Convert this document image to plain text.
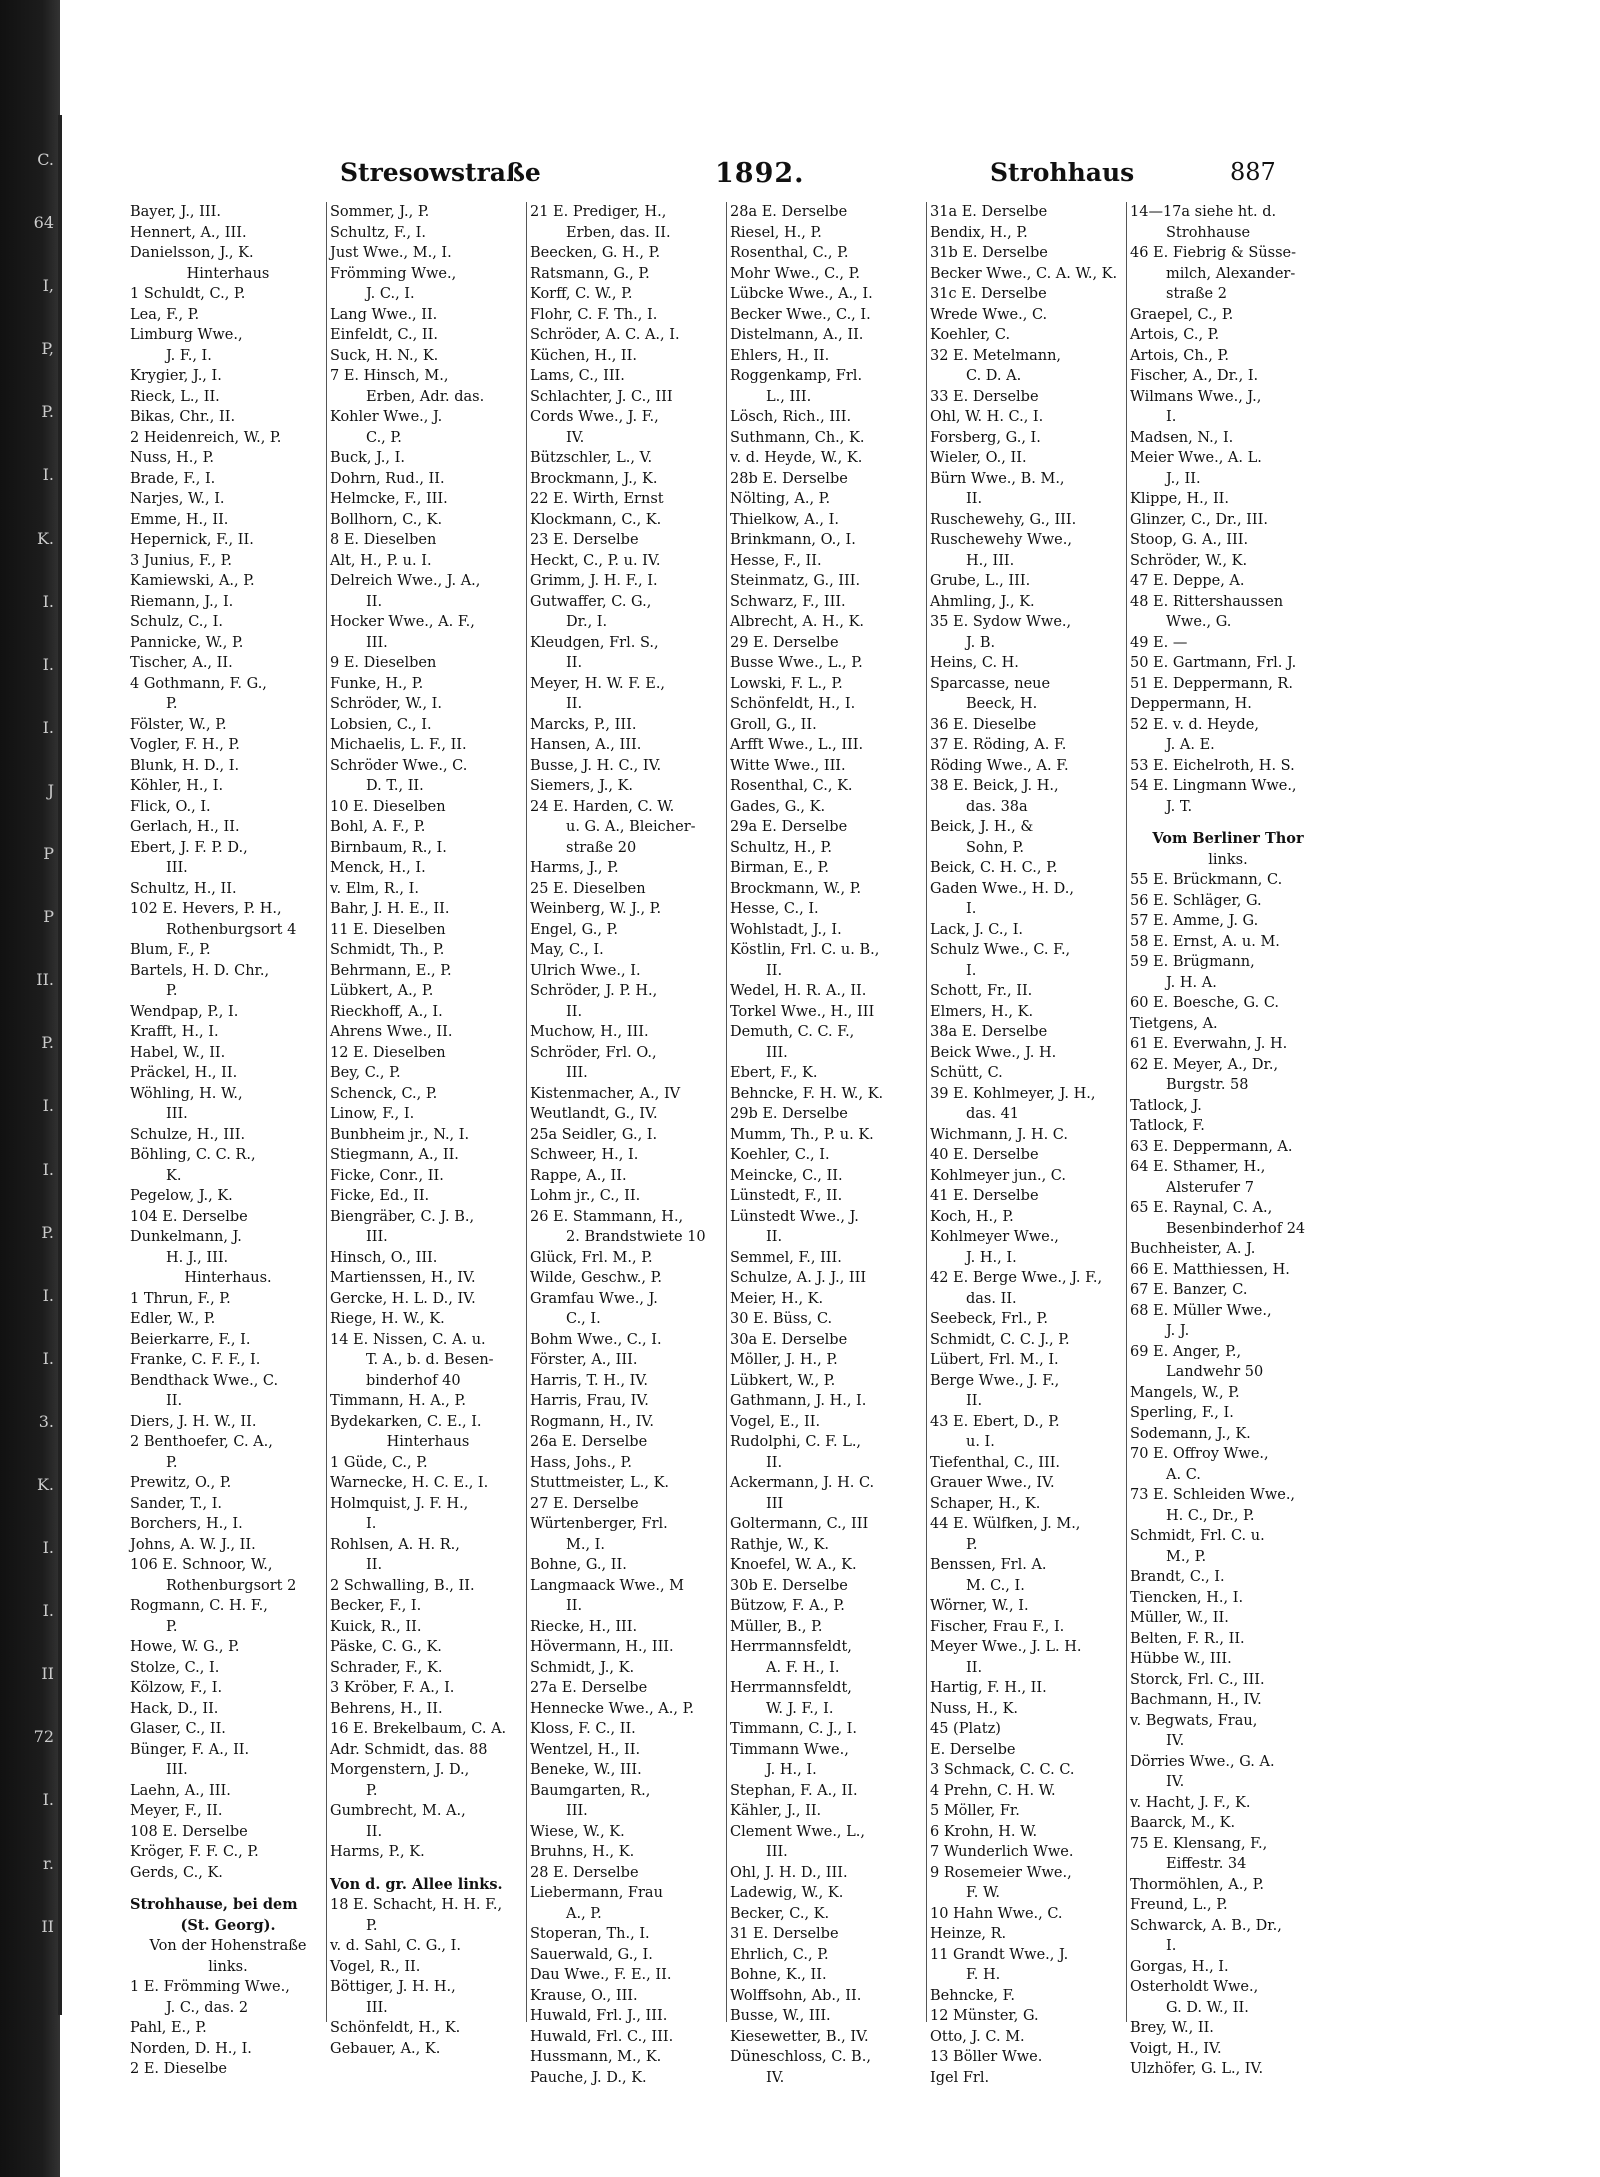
C.
64
I,
P,
P.
I.
K.
I.
I.
I.
J
P
P
II.
P.
I.
I.
P.
I.
I.
3.
K.
I.
I.
II
72
I.
r.
II
Stresowstraße	1892.	Strohhaus	887
Bayer, J., III.
Hennert, A., III.
Danielsson, J., K.
Hinterhaus
1 Schuldt, C., P.
Lea, F., P.
Limburg Wwe.,
J. F., I.
Krygier, J., I.
Rieck, L., II.
Bikas, Chr., II.
2 Heidenreich, W., P.
Nuss, H., P.
Brade, F., I.
Narjes, W., I.
Emme, H., II.
Hepernick, F., II.
3 Junius, F., P.
Kamiewski, A., P.
Riemann, J., I.
Schulz, C., I.
Pannicke, W., P.
Tischer, A., II.
4 Gothmann, F. G.,
P.
Fölster, W., P.
Vogler, F. H., P.
Blunk, H. D., I.
Köhler, H., I.
Flick, O., I.
Gerlach, H., II.
Ebert, J. F. P. D.,
III.
Schultz, H., II.
102 E. Hevers, P. H.,
Rothenburgsort 4
Blum, F., P.
Bartels, H. D. Chr.,
P.
Wendpap, P., I.
Krafft, H., I.
Habel, W., II.
Präckel, H., II.
Wöhling, H. W.,
III.
Schulze, H., III.
Böhling, C. C. R.,
K.
Pegelow, J., K.
104 E. Derselbe
Dunkelmann, J.
H. J., III.
Hinterhaus.
1 Thrun, F., P.
Edler, W., P.
Beierkarre, F., I.
Franke, C. F. F., I.
Bendthack Wwe., C.
II.
Diers, J. H. W., II.
2 Benthoefer, C. A.,
P.
Prewitz, O., P.
Sander, T., I.
Borchers, H., I.
Johns, A. W. J., II.
106 E. Schnoor, W.,
Rothenburgsort 2
Rogmann, C. H. F.,
P.
Howe, W. G., P.
Stolze, C., I.
Kölzow, F., I.
Hack, D., II.
Glaser, C., II.
Bünger, F. A., II.
III.
Laehn, A., III.
Meyer, F., II.
108 E. Derselbe
Kröger, F. F. C., P.
Gerds, C., K.
Strohhause, bei dem
(St. Georg).
Von der Hohenstraße
links.
1 E. Frömming Wwe.,
J. C., das. 2
Pahl, E., P.
Norden, D. H., I.
2 E. Dieselbe
Sommer, J., P.
Schultz, F., I.
Just Wwe., M., I.
Frömming Wwe.,
J. C., I.
Lang Wwe., II.
Einfeldt, C., II.
Suck, H. N., K.
7 E. Hinsch, M.,
Erben, Adr. das.
Kohler Wwe., J.
C., P.
Buck, J., I.
Dohrn, Rud., II.
Helmcke, F., III.
Bollhorn, C., K.
8 E. Dieselben
Alt, H., P. u. I.
Delreich Wwe., J. A.,
II.
Hocker Wwe., A. F.,
III.
9 E. Dieselben
Funke, H., P.
Schröder, W., I.
Lobsien, C., I.
Michaelis, L. F., II.
Schröder Wwe., C.
D. T., II.
10 E. Dieselben
Bohl, A. F., P.
Birnbaum, R., I.
Menck, H., I.
v. Elm, R., I.
Bahr, J. H. E., II.
11 E. Dieselben
Schmidt, Th., P.
Behrmann, E., P.
Lübkert, A., P.
Rieckhoff, A., I.
Ahrens Wwe., II.
12 E. Dieselben
Bey, C., P.
Schenck, C., P.
Linow, F., I.
Bunbheim jr., N., I.
Stiegmann, A., II.
Ficke, Conr., II.
Ficke, Ed., II.
Biengräber, C. J. B.,
III.
Hinsch, O., III.
Martienssen, H., IV.
Gercke, H. L. D., IV.
Riege, H. W., K.
14 E. Nissen, C. A. u.
T. A., b. d. Besen-
binderhof 40
Timmann, H. A., P.
Bydekarken, C. E., I.
Hinterhaus
1 Güde, C., P.
Warnecke, H. C. E., I.
Holmquist, J. F. H.,
I.
Rohlsen, A. H. R.,
II.
2 Schwalling, B., II.
Becker, F., I.
Kuick, R., II.
Päske, C. G., K.
Schrader, F., K.
3 Kröber, F. A., I.
Behrens, H., II.
16 E. Brekelbaum, C. A.
Adr. Schmidt, das. 88
Morgenstern, J. D.,
P.
Gumbrecht, M. A.,
II.
Harms, P., K.
Von d. gr. Allee links.
18 E. Schacht, H. H. F.,
P.
v. d. Sahl, C. G., I.
Vogel, R., II.
Böttiger, J. H. H.,
III.
Schönfeldt, H., K.
Gebauer, A., K.
21 E. Prediger, H.,
Erben, das. II.
Beecken, G. H., P.
Ratsmann, G., P.
Korff, C. W., P.
Flohr, C. F. Th., I.
Schröder, A. C. A., I.
Küchen, H., II.
Lams, C., III.
Schlachter, J. C., III
Cords Wwe., J. F.,
IV.
Bützschler, L., V.
Brockmann, J., K.
22 E. Wirth, Ernst
Klockmann, C., K.
23 E. Derselbe
Heckt, C., P. u. IV.
Grimm, J. H. F., I.
Gutwaffer, C. G.,
Dr., I.
Kleudgen, Frl. S.,
II.
Meyer, H. W. F. E.,
II.
Marcks, P., III.
Hansen, A., III.
Busse, J. H. C., IV.
Siemers, J., K.
24 E. Harden, C. W.
u. G. A., Bleicher-
straße 20
Harms, J., P.
25 E. Dieselben
Weinberg, W. J., P.
Engel, G., P.
May, C., I.
Ulrich Wwe., I.
Schröder, J. P. H.,
II.
Muchow, H., III.
Schröder, Frl. O.,
III.
Kistenmacher, A., IV
Weutlandt, G., IV.
25a Seidler, G., I.
Schweer, H., I.
Rappe, A., II.
Lohm jr., C., II.
26 E. Stammann, H.,
2. Brandstwiete 10
Glück, Frl. M., P.
Wilde, Geschw., P.
Gramfau Wwe., J.
C., I.
Bohm Wwe., C., I.
Förster, A., III.
Harris, T. H., IV.
Harris, Frau, IV.
Rogmann, H., IV.
26a E. Derselbe
Hass, Johs., P.
Stuttmeister, L., K.
27 E. Derselbe
Würtenberger, Frl.
M., I.
Bohne, G., II.
Langmaack Wwe., M
II.
Riecke, H., III.
Hövermann, H., III.
Schmidt, J., K.
27a E. Derselbe
Hennecke Wwe., A., P.
Kloss, F. C., II.
Wentzel, H., II.
Beneke, W., III.
Baumgarten, R.,
III.
Wiese, W., K.
Bruhns, H., K.
28 E. Derselbe
Liebermann, Frau
A., P.
Stoperan, Th., I.
Sauerwald, G., I.
Dau Wwe., F. E., II.
Krause, O., III.
Huwald, Frl. J., III.
Huwald, Frl. C., III.
Hussmann, M., K.
Pauche, J. D., K.
28a E. Derselbe
Riesel, H., P.
Rosenthal, C., P.
Mohr Wwe., C., P.
Lübcke Wwe., A., I.
Becker Wwe., C., I.
Distelmann, A., II.
Ehlers, H., II.
Roggenkamp, Frl.
L., III.
Lösch, Rich., III.
Suthmann, Ch., K.
v. d. Heyde, W., K.
28b E. Derselbe
Nölting, A., P.
Thielkow, A., I.
Brinkmann, O., I.
Hesse, F., II.
Steinmatz, G., III.
Schwarz, F., III.
Albrecht, A. H., K.
29 E. Derselbe
Busse Wwe., L., P.
Lowski, F. L., P.
Schönfeldt, H., I.
Groll, G., II.
Arfft Wwe., L., III.
Witte Wwe., III.
Rosenthal, C., K.
Gades, G., K.
29a E. Derselbe
Schultz, H., P.
Birman, E., P.
Brockmann, W., P.
Hesse, C., I.
Wohlstadt, J., I.
Köstlin, Frl. C. u. B.,
II.
Wedel, H. R. A., II.
Torkel Wwe., H., III
Demuth, C. C. F.,
III.
Ebert, F., K.
Behncke, F. H. W., K.
29b E. Derselbe
Mumm, Th., P. u. K.
Koehler, C., I.
Meincke, C., II.
Lünstedt, F., II.
Lünstedt Wwe., J.
II.
Semmel, F., III.
Schulze, A. J. J., III
Meier, H., K.
30 E. Büss, C.
30a E. Derselbe
Möller, J. H., P.
Lübkert, W., P.
Gathmann, J. H., I.
Vogel, E., II.
Rudolphi, C. F. L.,
II.
Ackermann, J. H. C.
III
Goltermann, C., III
Rathje, W., K.
Knoefel, W. A., K.
30b E. Derselbe
Bützow, F. A., P.
Müller, B., P.
Herrmannsfeldt,
A. F. H., I.
Herrmannsfeldt,
W. J. F., I.
Timmann, C. J., I.
Timmann Wwe.,
J. H., I.
Stephan, F. A., II.
Kähler, J., II.
Clement Wwe., L.,
III.
Ohl, J. H. D., III.
Ladewig, W., K.
Becker, C., K.
31 E. Derselbe
Ehrlich, C., P.
Bohne, K., II.
Wolffsohn, Ab., II.
Busse, W., III.
Kiesewetter, B., IV.
Düneschloss, C. B.,
IV.
31a E. Derselbe
Bendix, H., P.
31b E. Derselbe
Becker Wwe., C. A. W., K.
31c E. Derselbe
Wrede Wwe., C.
Koehler, C.
32 E. Metelmann,
C. D. A.
33 E. Derselbe
Ohl, W. H. C., I.
Forsberg, G., I.
Wieler, O., II.
Bürn Wwe., B. M.,
II.
Ruschewehy, G., III.
Ruschewehy Wwe.,
H., III.
Grube, L., III.
Ahmling, J., K.
35 E. Sydow Wwe.,
J. B.
Heins, C. H.
Sparcasse, neue
Beeck, H.
36 E. Dieselbe
37 E. Röding, A. F.
Röding Wwe., A. F.
38 E. Beick, J. H.,
das. 38a
Beick, J. H., &
Sohn, P.
Beick, C. H. C., P.
Gaden Wwe., H. D.,
I.
Lack, J. C., I.
Schulz Wwe., C. F.,
I.
Schott, Fr., II.
Elmers, H., K.
38a E. Derselbe
Beick Wwe., J. H.
Schütt, C.
39 E. Kohlmeyer, J. H.,
das. 41
Wichmann, J. H. C.
40 E. Derselbe
Kohlmeyer jun., C.
41 E. Derselbe
Koch, H., P.
Kohlmeyer Wwe.,
J. H., I.
42 E. Berge Wwe., J. F.,
das. II.
Seebeck, Frl., P.
Schmidt, C. C. J., P.
Lübert, Frl. M., I.
Berge Wwe., J. F.,
II.
43 E. Ebert, D., P.
u. I.
Tiefenthal, C., III.
Grauer Wwe., IV.
Schaper, H., K.
44 E. Wülfken, J. M.,
P.
Benssen, Frl. A.
M. C., I.
Wörner, W., I.
Fischer, Frau F., I.
Meyer Wwe., J. L. H.
II.
Hartig, F. H., II.
Nuss, H., K.
45 (Platz)
E. Derselbe
3 Schmack, C. C. C.
4 Prehn, C. H. W.
5 Möller, Fr.
6 Krohn, H. W.
7 Wunderlich Wwe.
9 Rosemeier Wwe.,
F. W.
10 Hahn Wwe., C.
Heinze, R.
11 Grandt Wwe., J.
F. H.
Behncke, F.
12 Münster, G.
Otto, J. C. M.
13 Böller Wwe.
Igel Frl.
14—17a siehe ht. d.
Strohhause
46 E. Fiebrig & Süsse-
milch, Alexander-
straße 2
Graepel, C., P.
Artois, C., P.
Artois, Ch., P.
Fischer, A., Dr., I.
Wilmans Wwe., J.,
I.
Madsen, N., I.
Meier Wwe., A. L.
J., II.
Klippe, H., II.
Glinzer, C., Dr., III.
Stoop, G. A., III.
Schröder, W., K.
47 E. Deppe, A.
48 E. Rittershaussen
Wwe., G.
49 E. —
50 E. Gartmann, Frl. J.
51 E. Deppermann, R.
Deppermann, H.
52 E. v. d. Heyde,
J. A. E.
53 E. Eichelroth, H. S.
54 E. Lingmann Wwe.,
J. T.
Vom Berliner Thor
links.
55 E. Brückmann, C.
56 E. Schläger, G.
57 E. Amme, J. G.
58 E. Ernst, A. u. M.
59 E. Brügmann,
J. H. A.
60 E. Boesche, G. C.
Tietgens, A.
61 E. Everwahn, J. H.
62 E. Meyer, A., Dr.,
Burgstr. 58
Tatlock, J.
Tatlock, F.
63 E. Deppermann, A.
64 E. Sthamer, H.,
Alsterufer 7
65 E. Raynal, C. A.,
Besenbinderhof 24
Buchheister, A. J.
66 E. Matthiessen, H.
67 E. Banzer, C.
68 E. Müller Wwe.,
J. J.
69 E. Anger, P.,
Landwehr 50
Mangels, W., P.
Sperling, F., I.
Sodemann, J., K.
70 E. Offroy Wwe.,
A. C.
73 E. Schleiden Wwe.,
H. C., Dr., P.
Schmidt, Frl. C. u.
M., P.
Brandt, C., I.
Tiencken, H., I.
Müller, W., II.
Belten, F. R., II.
Hübbe W., III.
Storck, Frl. C., III.
Bachmann, H., IV.
v. Begwats, Frau,
IV.
Dörries Wwe., G. A.
IV.
v. Hacht, J. F., K.
Baarck, M., K.
75 E. Klensang, F.,
Eiffestr. 34
Thormöhlen, A., P.
Freund, L., P.
Schwarck, A. B., Dr.,
I.
Gorgas, H., I.
Osterholdt Wwe.,
G. D. W., II.
Brey, W., II.
Voigt, H., IV.
Ulzhöfer, G. L., IV.
